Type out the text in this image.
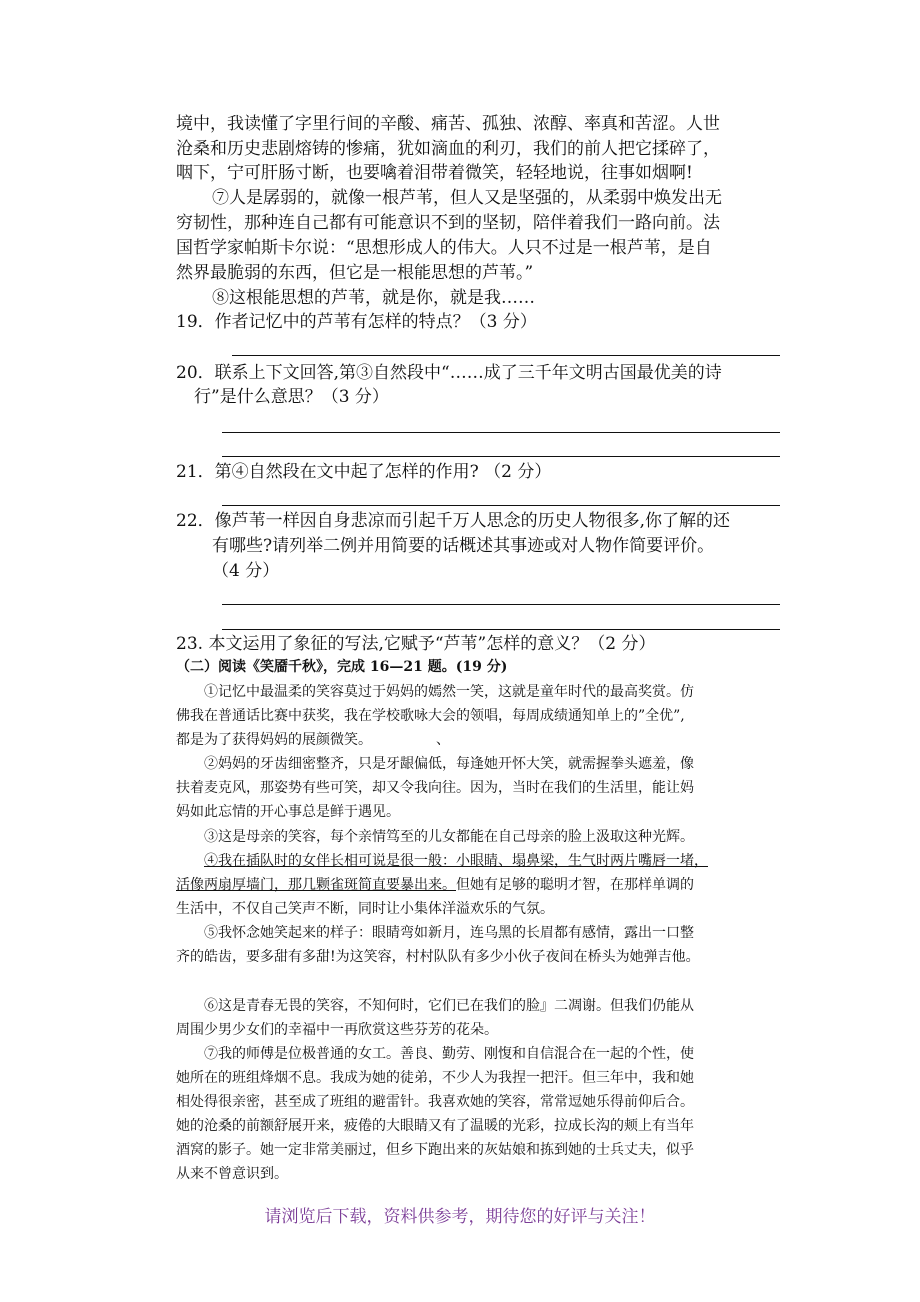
境中，我读懂了字里行间的辛酸、痛苦、孤独、浓醇、率真和苦涩。人世

沧桑和历史悲剧熔铸的惨痛，犹如滴血的利刃，我们的前人把它揉碎了，

咽下，宁可肝肠寸断，也要噙着泪带着微笑，轻轻地说，往事如烟啊!

⑦人是孱弱的，就像一根芦苇，但人又是坚强的，从柔弱中焕发出无

穷韧性，那种连自己都有可能意识不到的坚韧，陪伴着我们一路向前。法

国哲学家帕斯卡尔说：“思想形成人的伟大。人只不过是一根芦苇，是自

然界最脆弱的东西，但它是一根能思想的芦苇。”

⑧这根能思想的芦苇，就是你，就是我……

19．作者记忆中的芦苇有怎样的特点？（3 分）

20．联系上下文回答,第③自然段中“……成了三千年文明古国最优美的诗

行”是什么意思？（3 分）

21．第④自然段在文中起了怎样的作用? （2 分）

22．像芦苇一样因自身悲凉而引起千万人思念的历史人物很多,你了解的还

有哪些?请列举二例并用简要的话概述其事迹或对人物作简要评价。

（4 分）

23. 本文运用了象征的写法,它赋予“芦苇”怎样的意义？（2 分）

（二）阅读《笑靥千秋》，完成 16—21 题。(19 分)

①记忆中最温柔的笑容莫过于妈妈的嫣然一笑，这就是童年时代的最高奖赏。仿

佛我在普通话比赛中获奖，我在学校歌咏大会的领唱，每周成绩通知单上的”全优”,

都是为了获得妈妈的展颜微笑。	、

②妈妈的牙齿细密整齐，只是牙龈偏低，每逢她开怀大笑，就需握拳头遮羞，像

扶着麦克风，那姿势有些可笑，却又令我向往。因为，当时在我们的生活里，能让妈

妈如此忘情的开心事总是鲜于遇见。

③这是母亲的笑容，每个亲情笃至的儿女都能在自己母亲的脸上汲取这种光辉。

④我在插队时的女伴长相可说是很一般：小眼睛、塌鼻梁，生气时两片嘴唇一堵，

活像两扇厚墙门，那几颗雀斑简直要暴出来。但她有足够的聪明才智，在那样单调的

生活中，不仅自己笑声不断，同时让小集体洋溢欢乐的气氛。

⑤我怀念她笑起来的样子：眼睛弯如新月，连乌黑的长眉都有感情，露出一口整

齐的皓齿，要多甜有多甜!为这笑容，村村队队有多少小伙子夜间在桥头为她弹吉他。

⑥这是青春无畏的笑容，不知何时，它们已在我们的脸』二凋谢。但我们仍能从

周围少男少女们的幸福中一再欣赏这些芬芳的花朵。

⑦我的师傅是位极普通的女工。善良、勤劳、刚愎和自信混合在一起的个性，使

她所在的班组烽烟不息。我成为她的徒弟，不少人为我捏一把汗。但三年中，我和她

相处得很亲密，甚至成了班组的避雷针。我喜欢她的笑容，常常逗她乐得前仰后合。

她的沧桑的前额舒展开来，疲倦的大眼睛又有了温暖的光彩，拉成长沟的颊上有当年

酒窝的影子。她一定非常美丽过，但乡下跑出来的灰姑娘和拣到她的士兵丈夫，似乎

从来不曾意识到。

请浏览后下载，资料供参考，期待您的好评与关注！
